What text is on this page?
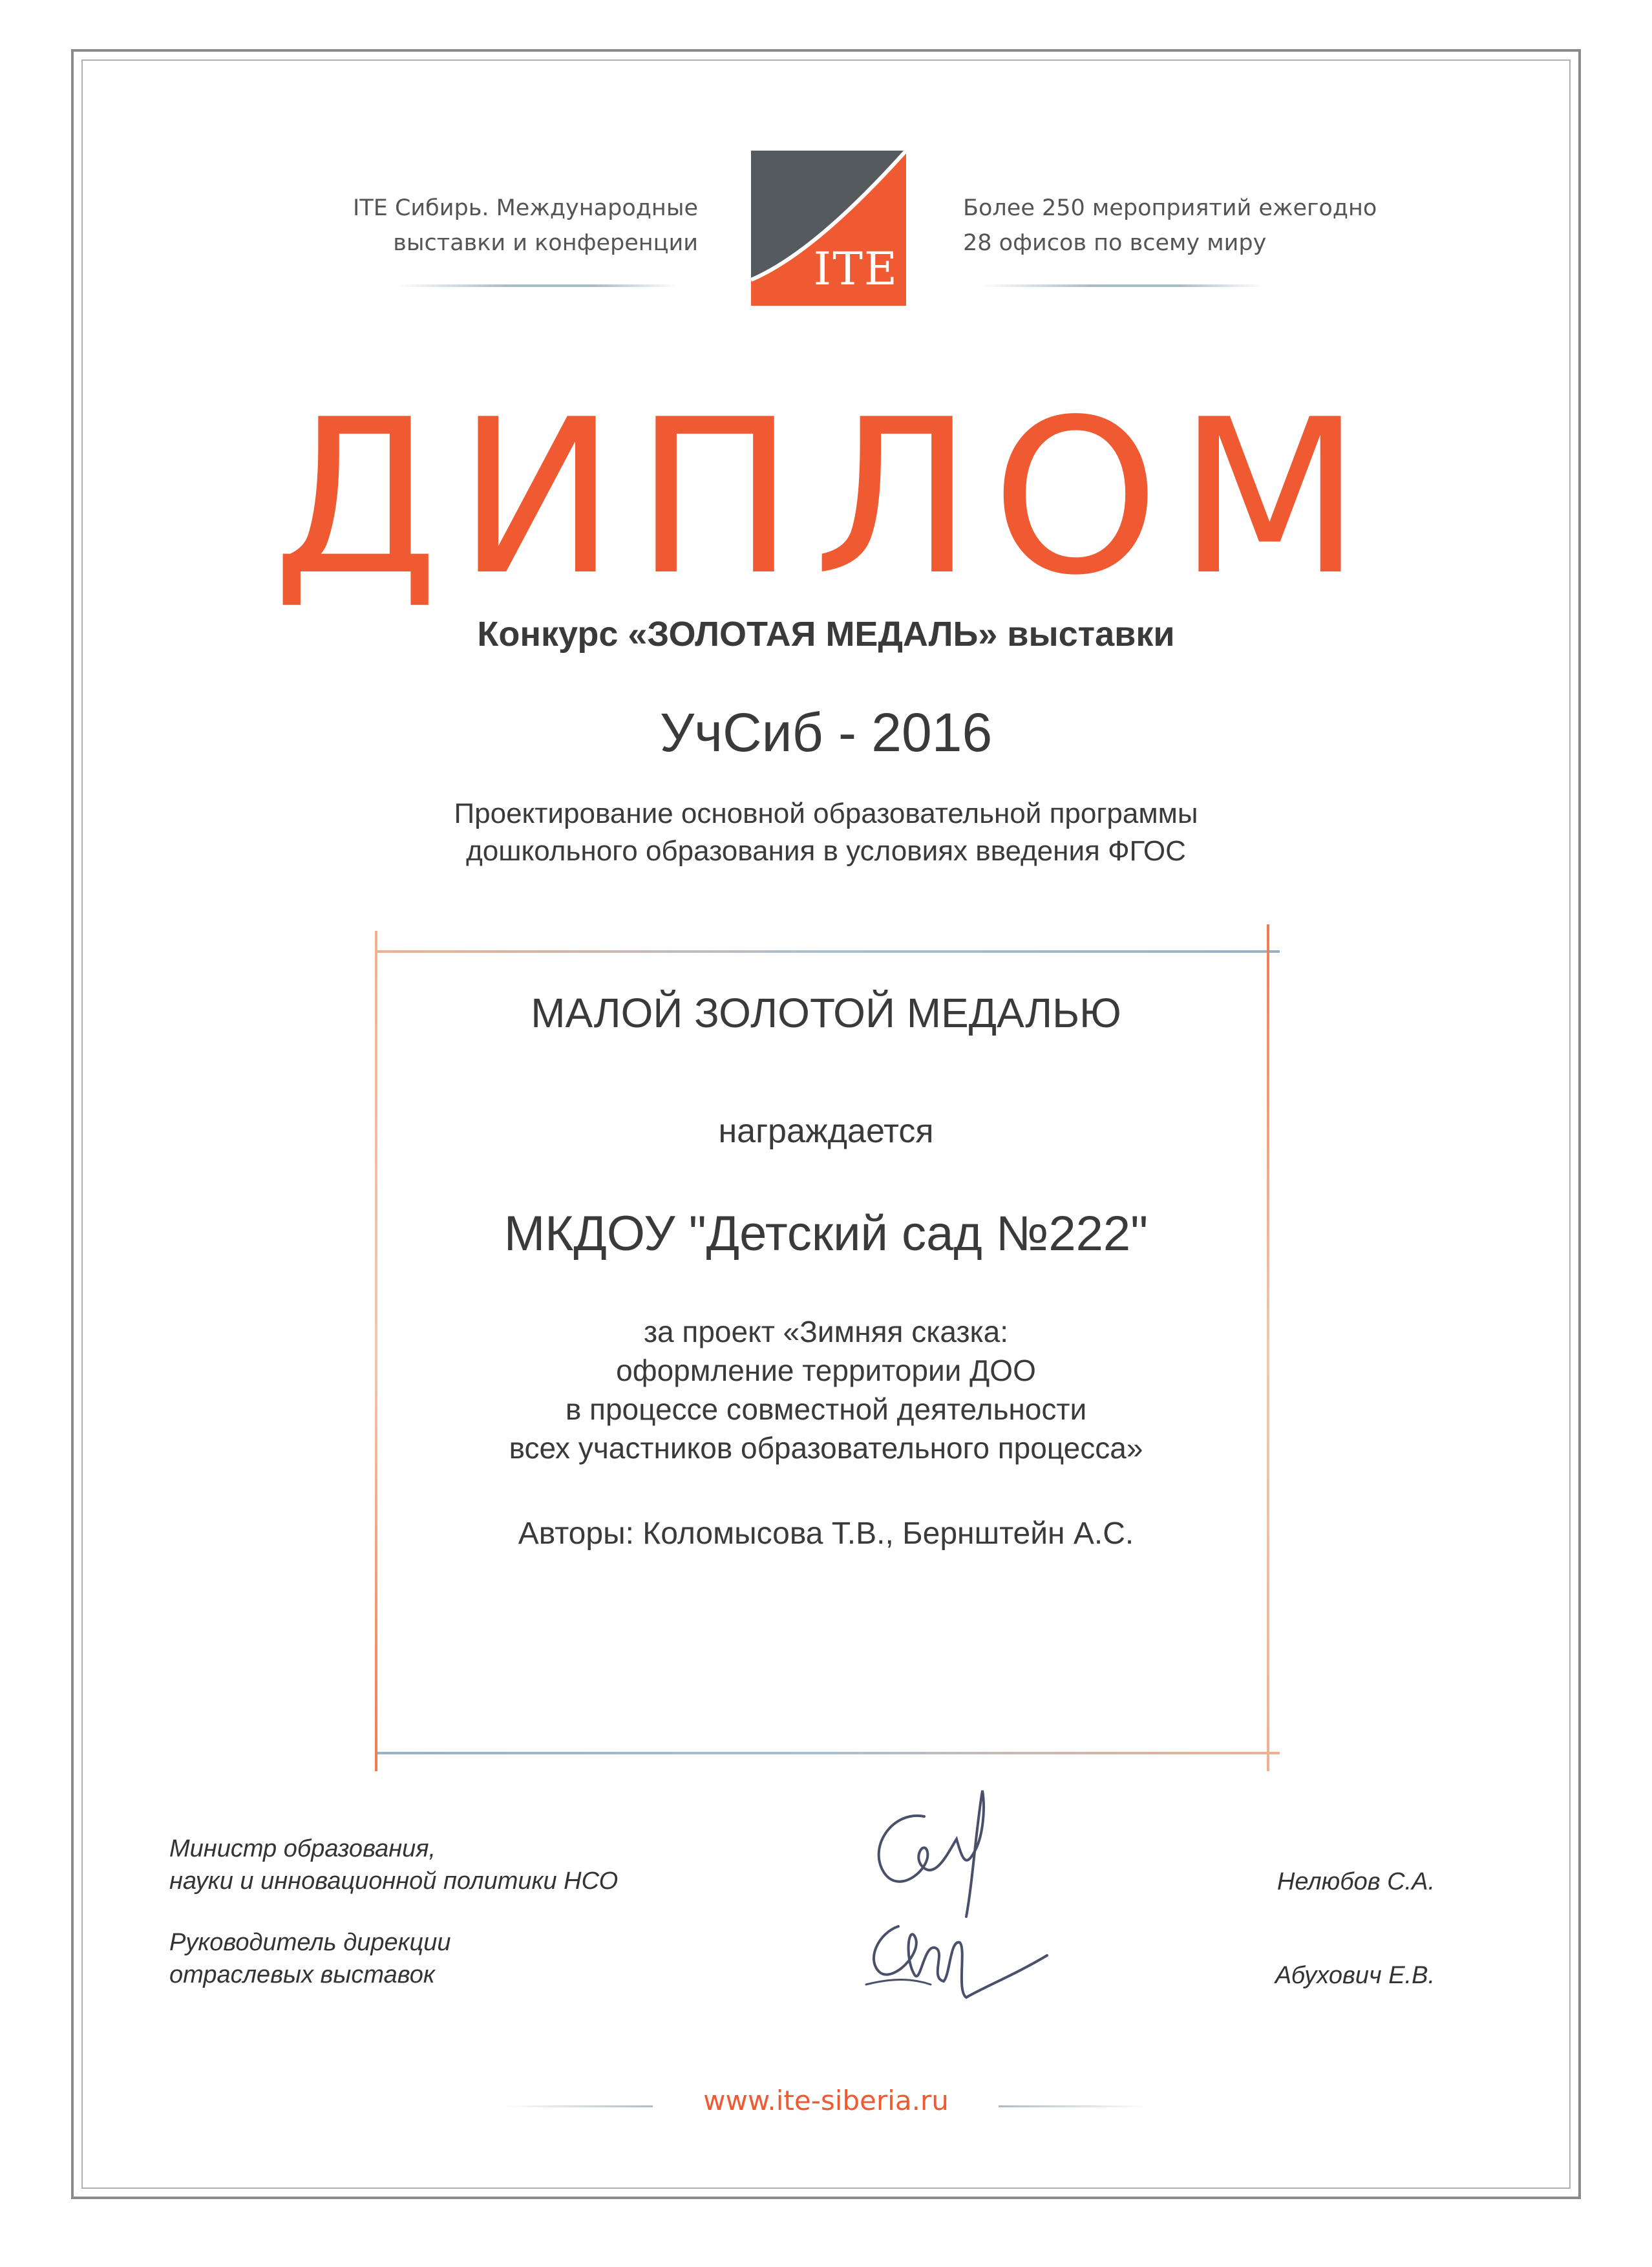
ITE Сибирь. Международные
выставки и конференции	ITE
Более 250 мероприятий ежегодно
28 офисов по всему миру
ДИПЛОМ
Конкурс «ЗОЛОТАЯ МЕДАЛЬ» выставки
УчСиб - 2016
Проектирование основной образовательной программы
дошкольного образования в условиях введения ФГОС
МАЛОЙ ЗОЛОТОЙ МЕДАЛЬЮ
награждается
МКДОУ "Детский сад №222"
за проект «Зимняя сказка:
оформление территории ДОО
в процессе совместной деятельности
всех участников образовательного процесса»
Авторы: Коломысова Т.В., Бернштейн А.С.
Министр образования,
науки и инновационной политики НСО
Руководитель дирекции
отраслевых выставок
Нелюбов С.А.
Абухович Е.В.
www.ite-siberia.ru
